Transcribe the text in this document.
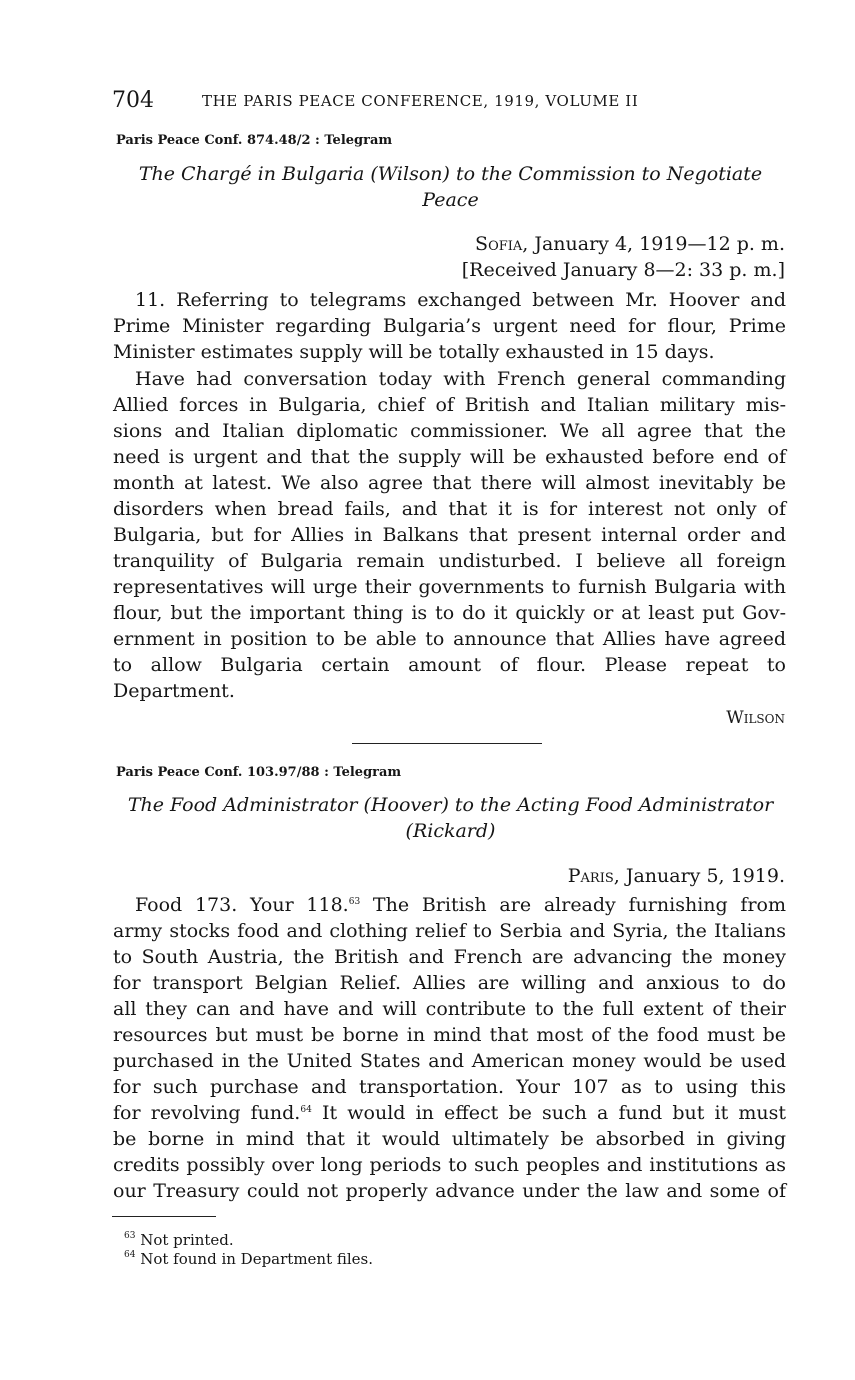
704	THE PARIS PEACE CONFERENCE, 1919, VOLUME II
Paris Peace Conf. 874.48/2 : Telegram
The Chargé in Bulgaria (Wilson) to the Commission to Negotiate
Peace
Sofia, January 4, 1919—12 p. m.
[Received January 8—2: 33 p. m.]
11. Referring to telegrams exchanged between Mr. Hoover and
Prime Minister regarding Bulgaria’s urgent need for flour, Prime
Minister estimates supply will be totally exhausted in 15 days.
Have had conversation today with French general commanding
Allied forces in Bulgaria, chief of British and Italian military mis-
sions and Italian diplomatic commissioner. We all agree that the
need is urgent and that the supply will be exhausted before end of
month at latest. We also agree that there will almost inevitably be
disorders when bread fails, and that it is for interest not only of
Bulgaria, but for Allies in Balkans that present internal order and
tranquility of Bulgaria remain undisturbed. I believe all foreign
representatives will urge their governments to furnish Bulgaria with
flour, but the important thing is to do it quickly or at least put Gov-
ernment in position to be able to announce that Allies have agreed
to allow Bulgaria certain amount of flour. Please repeat to
Department.
Wilson
Paris Peace Conf. 103.97/88 : Telegram
The Food Administrator (Hoover) to the Acting Food Administrator
(Rickard)
Paris, January 5, 1919.
Food 173. Your 118.63 The British are already furnishing from
army stocks food and clothing relief to Serbia and Syria, the Italians
to South Austria, the British and French are advancing the money
for transport Belgian Relief. Allies are willing and anxious to do
all they can and have and will contribute to the full extent of their
resources but must be borne in mind that most of the food must be
purchased in the United States and American money would be used
for such purchase and transportation. Your 107 as to using this
for revolving fund.$^{64}$ It would in effect be such a fund but it must
be borne in mind that it would ultimately be absorbed in giving
credits possibly over long periods to such peoples and institutions as
our Treasury could not properly advance under the law and some of
$^{63}$ Not printed.
$^{64}$ Not found in Department files.
